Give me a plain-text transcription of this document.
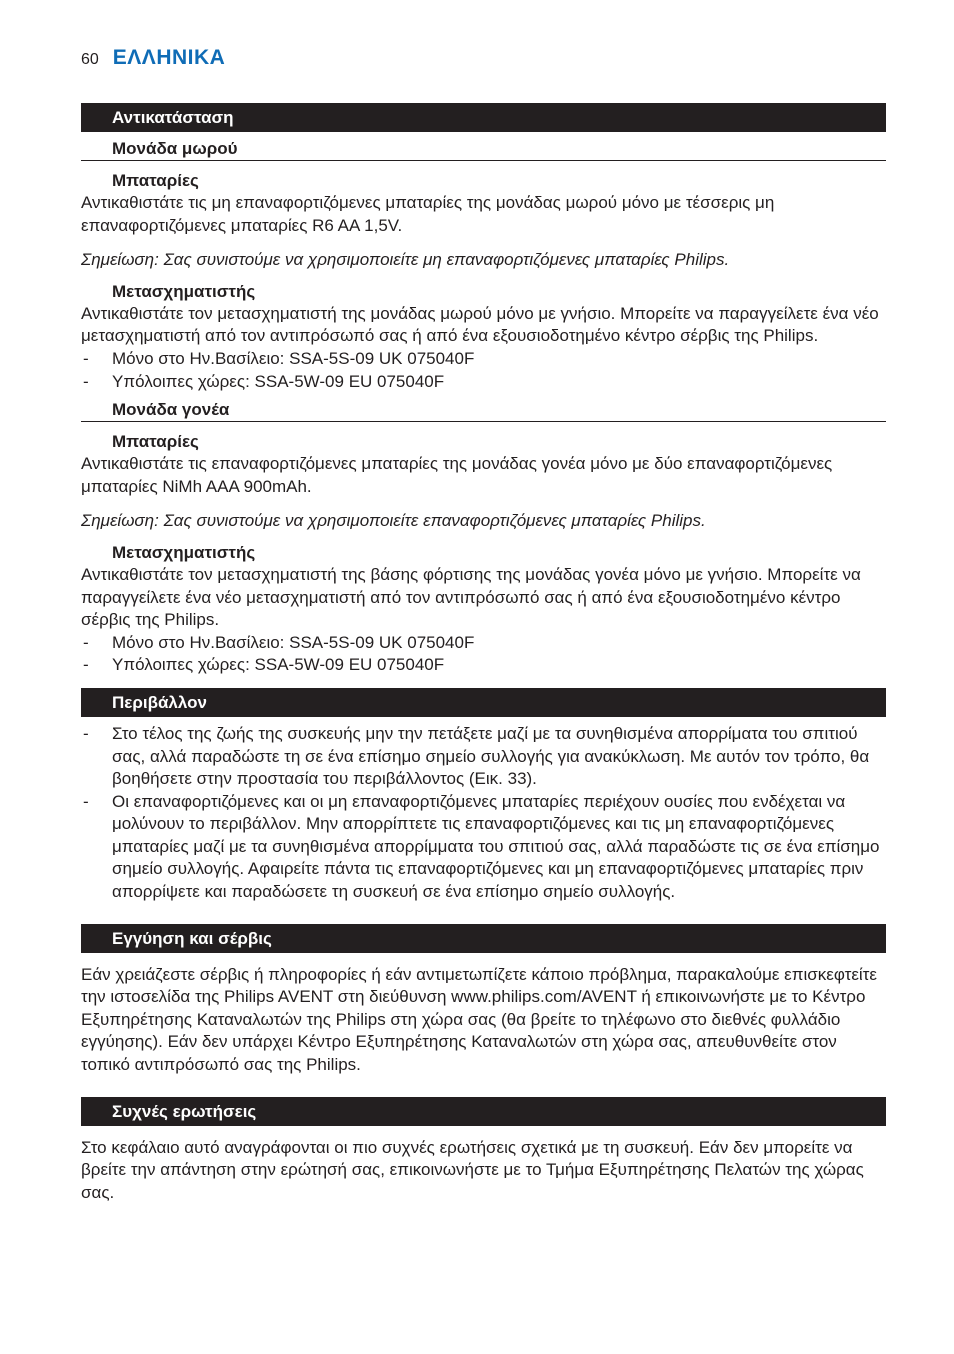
60 ΕΛΛΗΝΙΚΑ
Αντικατάσταση
Μονάδα μωρού
Μπαταρίες

Αντικαθιστάτε τις μη επαναφορτιζόμενες μπαταρίες της μονάδας μωρού μόνο με τέσσερις μη επαναφορτιζόμενες μπαταρίες R6 AA 1,5V.

Σημείωση: Σας συνιστούμε να χρησιμοποιείτε μη επαναφορτιζόμενες μπαταρίες Philips.

Μετασχηματιστής

Αντικαθιστάτε τον μετασχηματιστή της μονάδας μωρού μόνο με γνήσιο. Μπορείτε να παραγγείλετε ένα νέο μετασχηματιστή από τον αντιπρόσωπό σας ή από ένα εξουσιοδοτημένο κέντρο σέρβις της Philips.

- Μόνο στο Ην.Βασίλειο: SSA-5S-09 UK 075040F
- Υπόλοιπες χώρες: SSA-5W-09 EU 075040F
Μονάδα γονέα
Μπαταρίες

Αντικαθιστάτε τις επαναφορτιζόμενες μπαταρίες της μονάδας γονέα μόνο με δύο επαναφορτιζόμενες μπαταρίες NiMh AAA 900mAh.

Σημείωση: Σας συνιστούμε να χρησιμοποιείτε επαναφορτιζόμενες μπαταρίες Philips.

Μετασχηματιστής

Αντικαθιστάτε τον μετασχηματιστή της βάσης φόρτισης της μονάδας γονέα μόνο με γνήσιο. Μπορείτε να παραγγείλετε ένα νέο μετασχηματιστή από τον αντιπρόσωπό σας ή από ένα εξουσιοδοτημένο κέντρο σέρβις της Philips.

- Μόνο στο Ην.Βασίλειο: SSA-5S-09 UK 075040F
- Υπόλοιπες χώρες: SSA-5W-09 EU 075040F
Περιβάλλον
- Στο τέλος της ζωής της συσκευής μην την πετάξετε μαζί με τα συνηθισμένα απορρίματα του σπιτιού σας, αλλά παραδώστε τη σε ένα επίσημο σημείο συλλογής για ανακύκλωση. Με αυτόν τον τρόπο, θα βοηθήσετε στην προστασία του περιβάλλοντος (Εικ. 33).
- Οι επαναφορτιζόμενες και οι μη επαναφορτιζόμενες μπαταρίες περιέχουν ουσίες που ενδέχεται να μολύνουν το περιβάλλον. Μην απορρίπτετε τις επαναφορτιζόμενες και τις μη επαναφορτιζόμενες μπαταρίες μαζί με τα συνηθισμένα απορρίμματα του σπιτιού σας, αλλά παραδώστε τις σε ένα επίσημο σημείο συλλογής. Αφαιρείτε πάντα τις επαναφορτιζόμενες και μη επαναφορτιζόμενες μπαταρίες πριν απορρίψετε και παραδώσετε τη συσκευή σε ένα επίσημο σημείο συλλογής.
Εγγύηση και σέρβις

Εάν χρειάζεστε σέρβις ή πληροφορίες ή εάν αντιμετωπίζετε κάποιο πρόβλημα, παρακαλούμε επισκεφτείτε την ιστοσελίδα της Philips AVENT στη διεύθυνση www.philips.com/AVENT ή επικοινωνήστε με το Κέντρο Εξυπηρέτησης Καταναλωτών της Philips στη χώρα σας (θα βρείτε το τηλέφωνο στο διεθνές φυλλάδιο εγγύησης). Εάν δεν υπάρχει Κέντρο Εξυπηρέτησης Καταναλωτών στη χώρα σας, απευθυνθείτε στον τοπικό αντιπρόσωπό σας της Philips.

Συχνές ερωτήσεις

Στο κεφάλαιο αυτό αναγράφονται οι πιο συχνές ερωτήσεις σχετικά με τη συσκευή. Εάν δεν μπορείτε να βρείτε την απάντηση στην ερώτησή σας, επικοινωνήστε με το Τμήμα Εξυπηρέτησης Πελατών της χώρας σας.
